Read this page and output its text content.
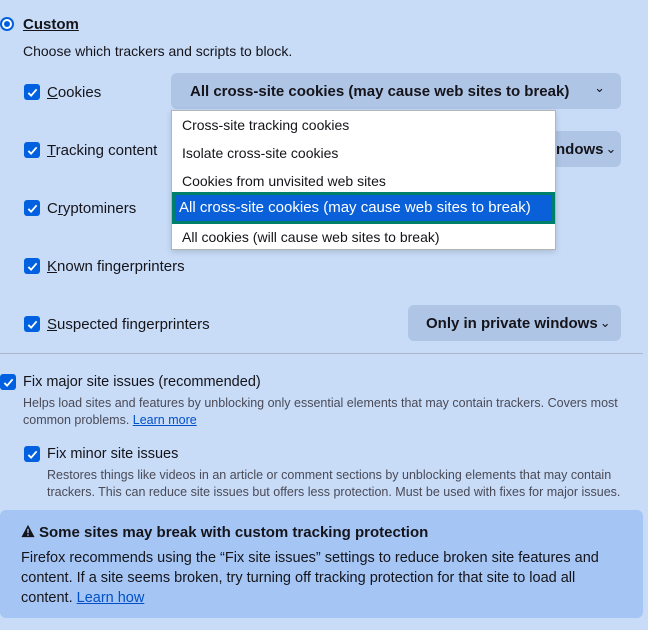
Custom
Choose which trackers and scripts to block.
Cookies	All cross-site cookies (may cause web sites to break) ⌄
Tracking content	ndows ⌄
Cryptominers
Known fingerprinters
Suspected fingerprinters	Only in private windows ⌄
Cross-site tracking cookies
Isolate cross-site cookies
Cookies from unvisited web sites
All cross-site cookies (may cause web sites to break)
All cookies (will cause web sites to break)
Fix major site issues (recommended)
Helps load sites and features by unblocking only essential elements that may contain trackers. Covers most common problems. Learn more
Fix minor site issues
Restores things like videos in an article or comment sections by unblocking elements that may contain trackers. This can reduce site issues but offers less protection. Must be used with fixes for major issues.
Some sites may break with custom tracking protection
Firefox recommends using the “Fix site issues” settings to reduce broken site features and content. If a site seems broken, try turning off tracking protection for that site to load all content. Learn how
